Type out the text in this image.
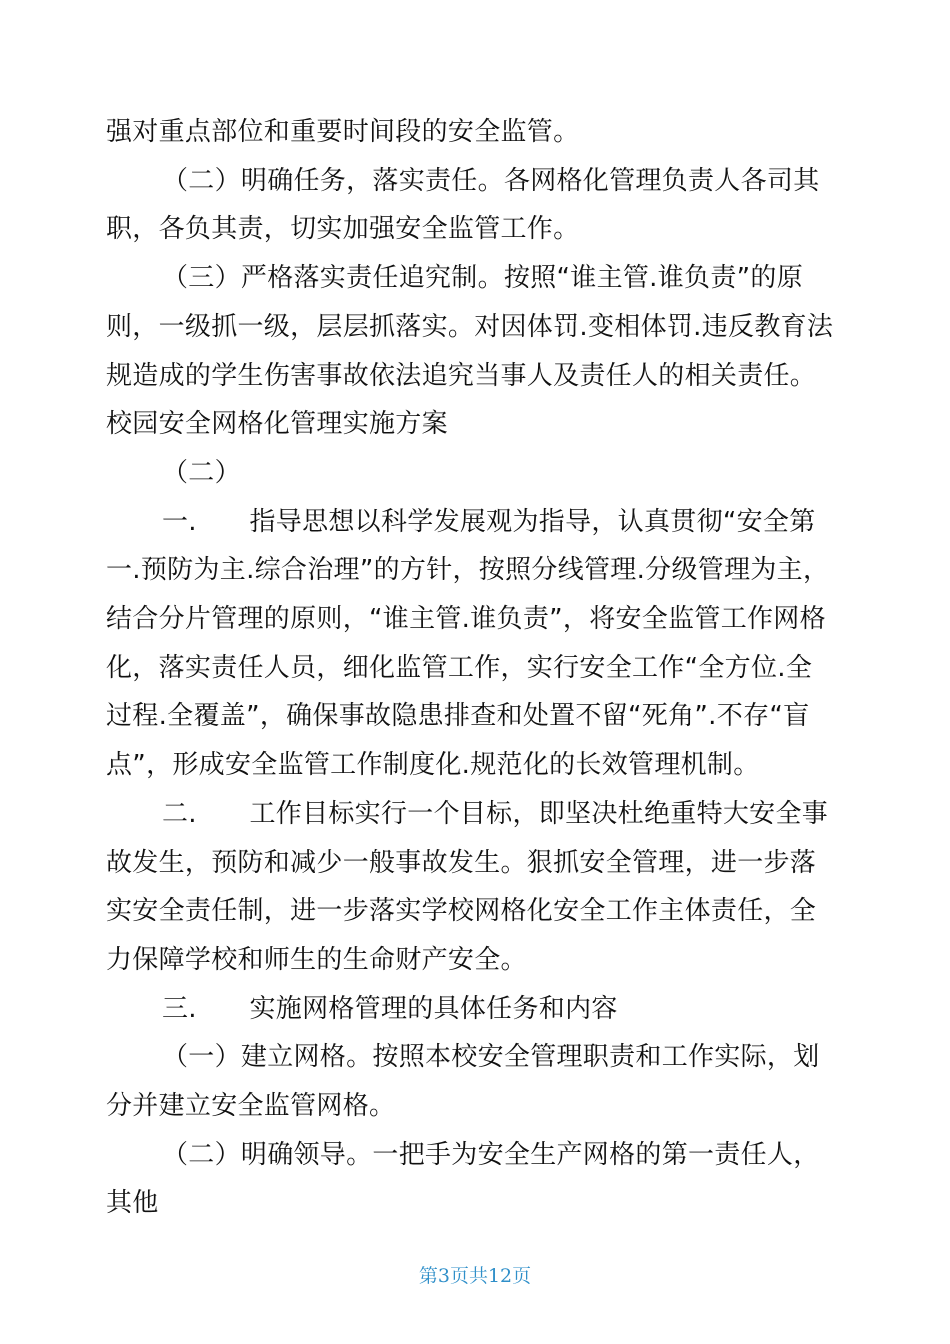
强对重点部位和重要时间段的安全监管。

（二）明确任务，落实责任。各网格化管理负责人各司其职，各负其责，切实加强安全监管工作。

（三）严格落实责任追究制。按照“谁主管.谁负责”的原则，一级抓一级，层层抓落实。对因体罚.变相体罚.违反教育法规造成的学生伤害事故依法追究当事人及责任人的相关责任。校园安全网格化管理实施方案

（二）

一.　　指导思想以科学发展观为指导，认真贯彻“安全第一.预防为主.综合治理”的方针，按照分线管理.分级管理为主，结合分片管理的原则，“谁主管.谁负责”，将安全监管工作网格化，落实责任人员，细化监管工作，实行安全工作“全方位.全过程.全覆盖”，确保事故隐患排查和处置不留“死角”.不存“盲点”，形成安全监管工作制度化.规范化的长效管理机制。

二.　　工作目标实行一个目标，即坚决杜绝重特大安全事故发生，预防和减少一般事故发生。狠抓安全管理，进一步落实安全责任制，进一步落实学校网格化安全工作主体责任，全力保障学校和师生的生命财产安全。

三.　　实施网格管理的具体任务和内容

（一）建立网格。按照本校安全管理职责和工作实际，划分并建立安全监管网格。

（二）明确领导。一把手为安全生产网格的第一责任人，其他

第3页共12页
